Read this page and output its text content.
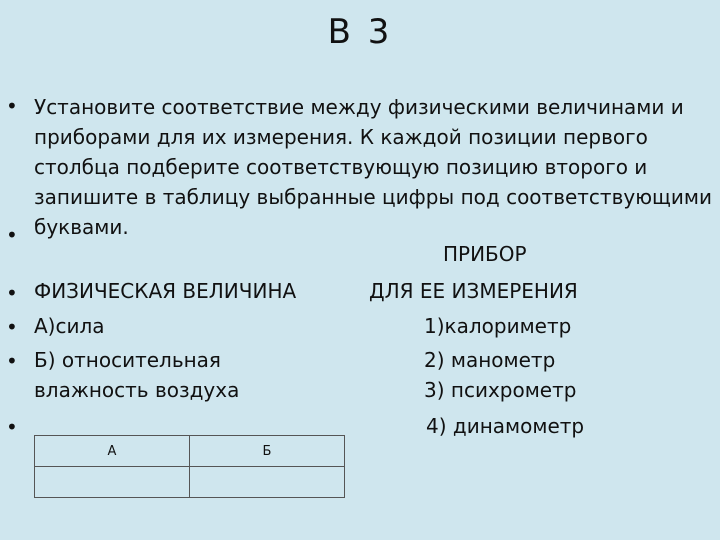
В 3
•
•
•
•
•
•
Установите соответствие между физическими величинами и приборами для их измерения. К каждой позиции первого столбца подберите соответствующую позицию второго и запишите в таблицу выбранные цифры под соответствующими буквами.
ПРИБОР
ФИЗИЧЕСКАЯ ВЕЛИЧИНА	ДЛЯ ЕЕ ИЗМЕРЕНИЯ
А)сила	1)калориметр
Б) относительная	2) манометр
влажность воздуха	3) психрометр
4) динамометр
А	Б
